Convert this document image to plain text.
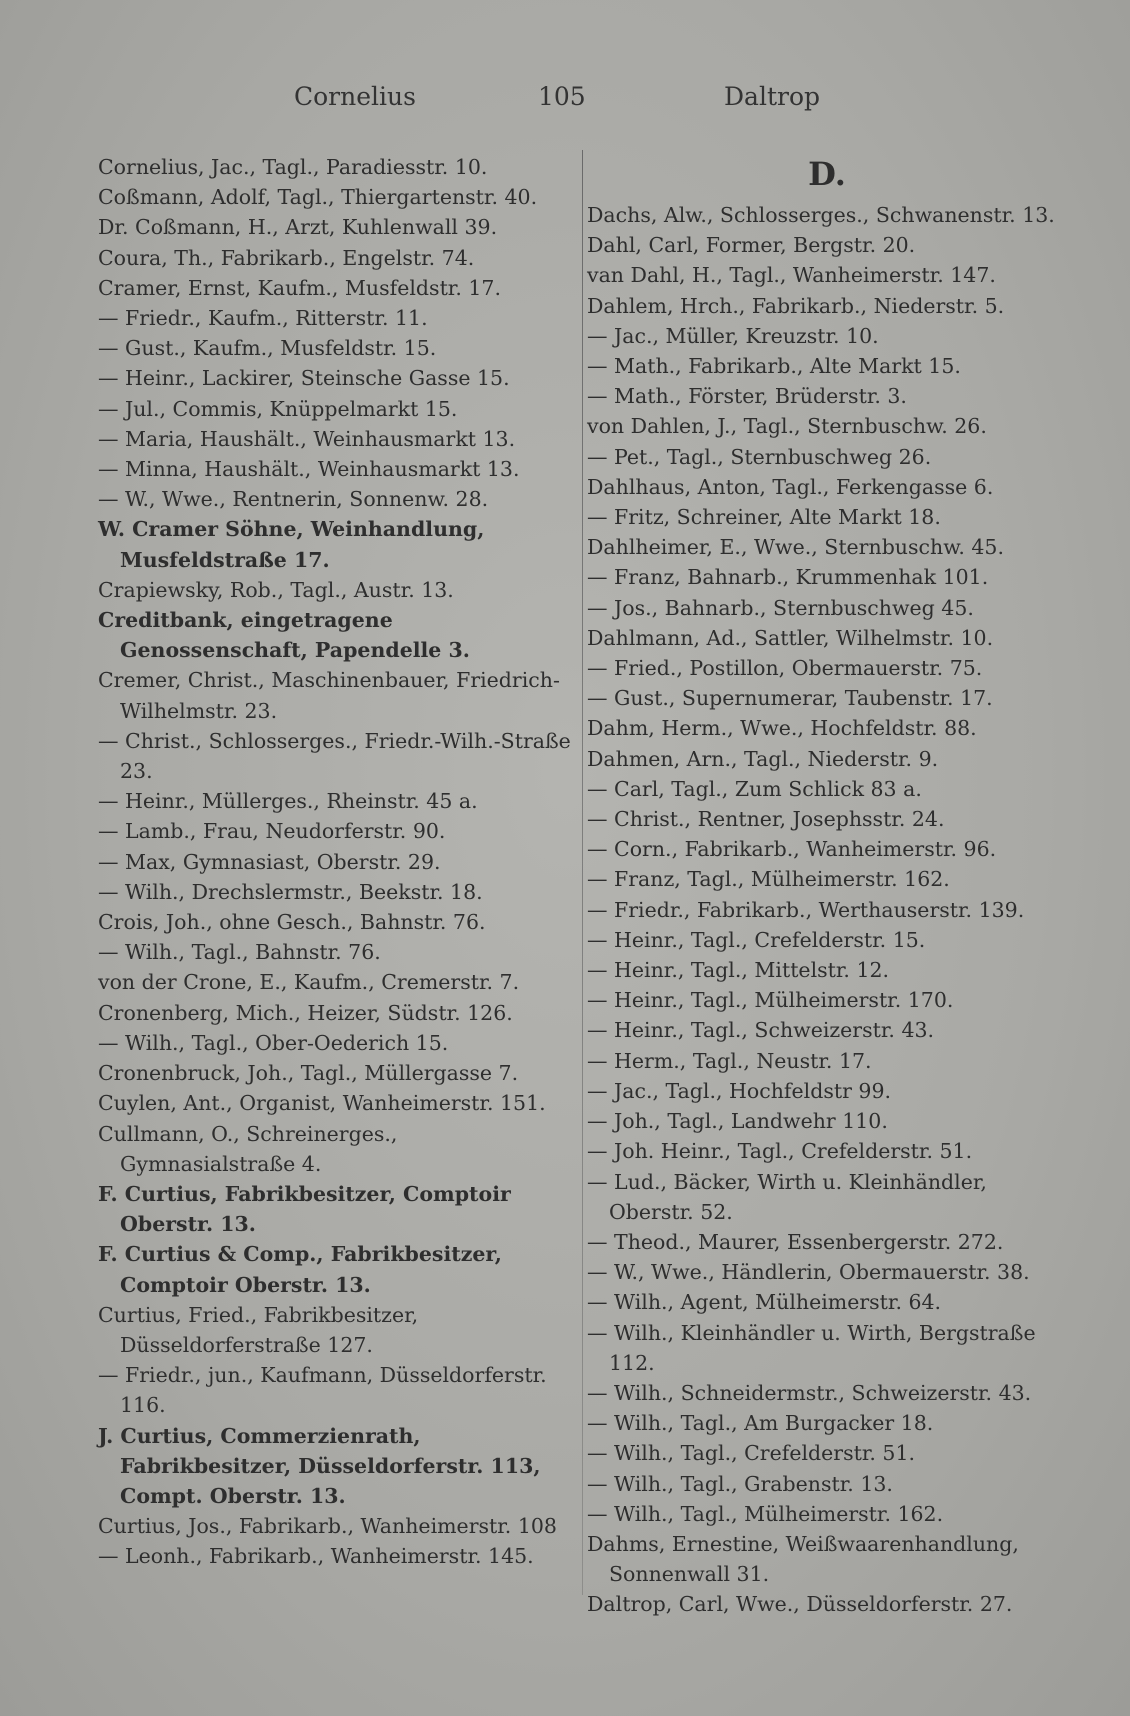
Cornelius	105	Daltrop

Cornelius, Jac., Tagl., Paradiesstr. 10.

Coßmann, Adolf, Tagl., Thiergartenstr. 40.

Dr. Coßmann, H., Arzt, Kuhlenwall 39.

Coura, Th., Fabrikarb., Engelstr. 74.

Cramer, Ernst, Kaufm., Musfeldstr. 17.

— Friedr., Kaufm., Ritterstr. 11.

— Gust., Kaufm., Musfeldstr. 15.

— Heinr., Lackirer, Steinsche Gasse 15.

— Jul., Commis, Knüppelmarkt 15.

— Maria, Haushält., Weinhausmarkt 13.

— Minna, Haushält., Weinhausmarkt 13.

— W., Wwe., Rentnerin, Sonnenw. 28.

W. Cramer Söhne, Weinhandlung, Musfeldstraße 17.

Crapiewsky, Rob., Tagl., Austr. 13.

Creditbank, eingetragene Genossenschaft, Papendelle 3.

Cremer, Christ., Maschinenbauer, Friedrich-Wilhelmstr. 23.

— Christ., Schlosserges., Friedr.-Wilh.-Straße 23.

— Heinr., Müllerges., Rheinstr. 45 a.

— Lamb., Frau, Neudorferstr. 90.

— Max, Gymnasiast, Oberstr. 29.

— Wilh., Drechslermstr., Beekstr. 18.

Crois, Joh., ohne Gesch., Bahnstr. 76.

— Wilh., Tagl., Bahnstr. 76.

von der Crone, E., Kaufm., Cremerstr. 7.

Cronenberg, Mich., Heizer, Südstr. 126.

— Wilh., Tagl., Ober-Oederich 15.

Cronenbruck, Joh., Tagl., Müllergasse 7.

Cuylen, Ant., Organist, Wanheimerstr. 151.

Cullmann, O., Schreinerges., Gymnasialstraße 4.

F. Curtius, Fabrikbesitzer, Comptoir Oberstr. 13.

F. Curtius & Comp., Fabrikbesitzer, Comptoir Oberstr. 13.

Curtius, Fried., Fabrikbesitzer, Düsseldorferstraße 127.

— Friedr., jun., Kaufmann, Düsseldorferstr. 116.

J. Curtius, Commerzienrath, Fabrikbesitzer, Düsseldorferstr. 113, Compt. Oberstr. 13.

Curtius, Jos., Fabrikarb., Wanheimerstr. 108

— Leonh., Fabrikarb., Wanheimerstr. 145.

D.

Dachs, Alw., Schlosserges., Schwanenstr. 13.

Dahl, Carl, Former, Bergstr. 20.

van Dahl, H., Tagl., Wanheimerstr. 147.

Dahlem, Hrch., Fabrikarb., Niederstr. 5.

— Jac., Müller, Kreuzstr. 10.

— Math., Fabrikarb., Alte Markt 15.

— Math., Förster, Brüderstr. 3.

von Dahlen, J., Tagl., Sternbuschw. 26.

— Pet., Tagl., Sternbuschweg 26.

Dahlhaus, Anton, Tagl., Ferkengasse 6.

— Fritz, Schreiner, Alte Markt 18.

Dahlheimer, E., Wwe., Sternbuschw. 45.

— Franz, Bahnarb., Krummenhak 101.

— Jos., Bahnarb., Sternbuschweg 45.

Dahlmann, Ad., Sattler, Wilhelmstr. 10.

— Fried., Postillon, Obermauerstr. 75.

— Gust., Supernumerar, Taubenstr. 17.

Dahm, Herm., Wwe., Hochfeldstr. 88.

Dahmen, Arn., Tagl., Niederstr. 9.

— Carl, Tagl., Zum Schlick 83 a.

— Christ., Rentner, Josephsstr. 24.

— Corn., Fabrikarb., Wanheimerstr. 96.

— Franz, Tagl., Mülheimerstr. 162.

— Friedr., Fabrikarb., Werthauserstr. 139.

— Heinr., Tagl., Crefelderstr. 15.

— Heinr., Tagl., Mittelstr. 12.

— Heinr., Tagl., Mülheimerstr. 170.

— Heinr., Tagl., Schweizerstr. 43.

— Herm., Tagl., Neustr. 17.

— Jac., Tagl., Hochfeldstr 99.

— Joh., Tagl., Landwehr 110.

— Joh. Heinr., Tagl., Crefelderstr. 51.

— Lud., Bäcker, Wirth u. Kleinhändler, Oberstr. 52.

— Theod., Maurer, Essenbergerstr. 272.

— W., Wwe., Händlerin, Obermauerstr. 38.

— Wilh., Agent, Mülheimerstr. 64.

— Wilh., Kleinhändler u. Wirth, Bergstraße 112.

— Wilh., Schneidermstr., Schweizerstr. 43.

— Wilh., Tagl., Am Burgacker 18.

— Wilh., Tagl., Crefelderstr. 51.

— Wilh., Tagl., Grabenstr. 13.

— Wilh., Tagl., Mülheimerstr. 162.

Dahms, Ernestine, Weißwaarenhandlung, Sonnenwall 31.

Daltrop, Carl, Wwe., Düsseldorferstr. 27.
